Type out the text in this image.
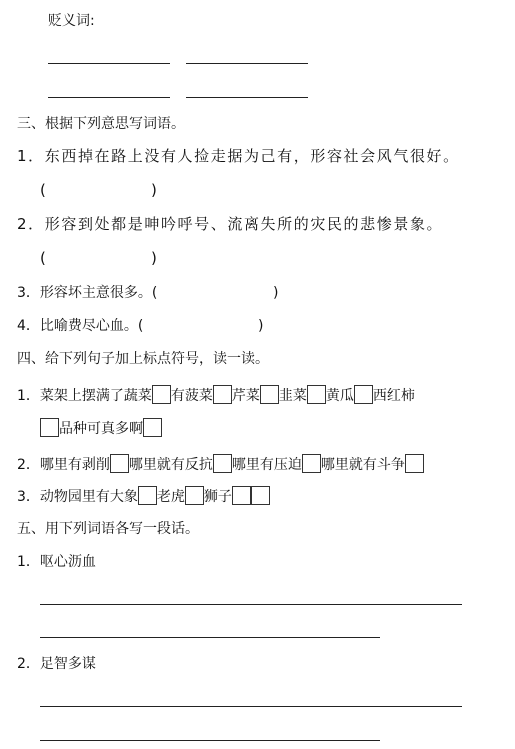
贬义词:
三、根据下列意思写词语。
1．东西掉在路上没有人捡走据为己有，形容社会风气很好。
(	)
2．形容到处都是呻吟呼号、流离失所的灾民的悲惨景象。
(	)
3．形容坏主意很多。(	)
4．比喻费尽心血。(	)
四、给下列句子加上标点符号，读一读。
1．菜架上摆满了蔬菜 有菠菜 芹菜 韭菜 黄瓜 西红柿
品种可真多啊
2．哪里有剥削 哪里就有反抗 哪里有压迫 哪里就有斗争
3．动物园里有大象 老虎 狮子
五、用下列词语各写一段话。
1．呕心沥血
2．足智多谋
